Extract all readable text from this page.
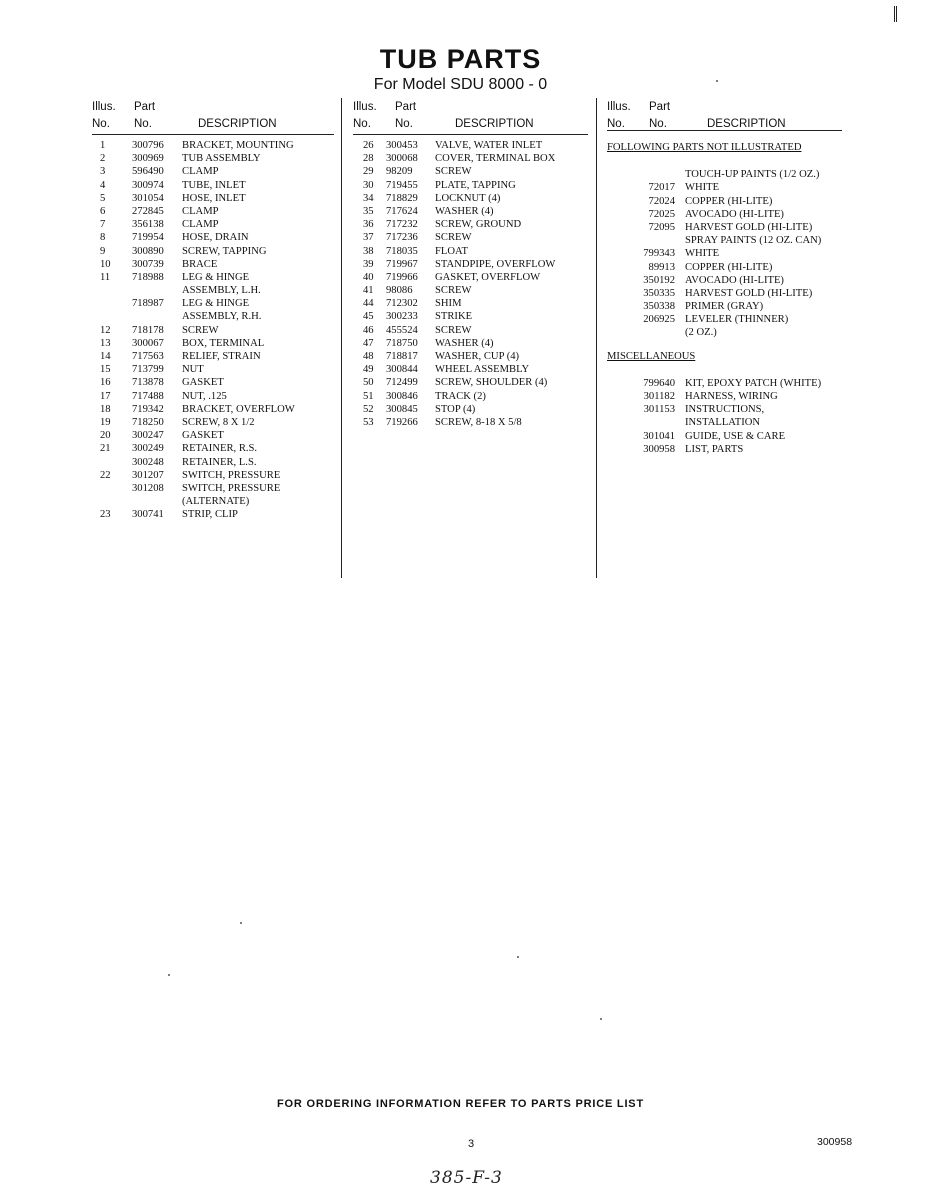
TUB PARTS
For Model SDU 8000 - 0
Illus. Part
No. No.	DESCRIPTION
1	300796 BRACKET, MOUNTING
2	300969 TUB ASSEMBLY
3	596490 CLAMP
4	300974 TUBE, INLET
5	301054 HOSE, INLET
6	272845 CLAMP
7	356138 CLAMP
8	719954 HOSE, DRAIN
9	300890 SCREW, TAPPING
10	300739 BRACE
11	718988 LEG & HINGE
ASSEMBLY, L.H.
718987 LEG & HINGE
ASSEMBLY, R.H.
12	718178 SCREW
13	300067 BOX, TERMINAL
14	717563 RELIEF, STRAIN
15	713799 NUT
16	713878 GASKET
17	717488 NUT, .125
18	719342 BRACKET, OVERFLOW
19	718250 SCREW, 8 X 1/2
20	300247 GASKET
21	300249 RETAINER, R.S.
300248 RETAINER, L.S.
22	301207 SWITCH, PRESSURE
301208 SWITCH, PRESSURE
(ALTERNATE)
23	300741 STRIP, CLIP
Illus. Part
No. No.	DESCRIPTION
26	300453 VALVE, WATER INLET
28	300068 COVER, TERMINAL BOX
29	98209 SCREW
30	719455 PLATE, TAPPING
34	718829 LOCKNUT (4)
35	717624 WASHER (4)
36	717232 SCREW, GROUND
37	717236 SCREW
38	718035 FLOAT
39	719967 STANDPIPE, OVERFLOW
40	719966 GASKET, OVERFLOW
41	98086 SCREW
44	712302 SHIM
45	300233 STRIKE
46	455524 SCREW
47	718750 WASHER (4)
48	718817 WASHER, CUP (4)
49	300844 WHEEL ASSEMBLY
50	712499 SCREW, SHOULDER (4)
51	300846 TRACK (2)
52	300845 STOP (4)
53	719266 SCREW, 8-18 X 5/8
Illus. Part
No. No.	DESCRIPTION
FOLLOWING PARTS NOT ILLUSTRATED
TOUCH-UP PAINTS (1/2 OZ.)
72017 WHITE
72024 COPPER (HI-LITE)
72025 AVOCADO (HI-LITE)
72095 HARVEST GOLD (HI-LITE)
SPRAY PAINTS (12 OZ. CAN)
799343 WHITE
89913 COPPER (HI-LITE)
350192 AVOCADO (HI-LITE)
350335 HARVEST GOLD (HI-LITE)
350338 PRIMER (GRAY)
206925 LEVELER (THINNER)
(2 OZ.)
MISCELLANEOUS
799640 KIT, EPOXY PATCH (WHITE)
301182 HARNESS, WIRING
301153 INSTRUCTIONS,
INSTALLATION
301041 GUIDE, USE & CARE
300958 LIST, PARTS
FOR ORDERING INFORMATION REFER TO PARTS PRICE LIST
3	300958
385-F-3
